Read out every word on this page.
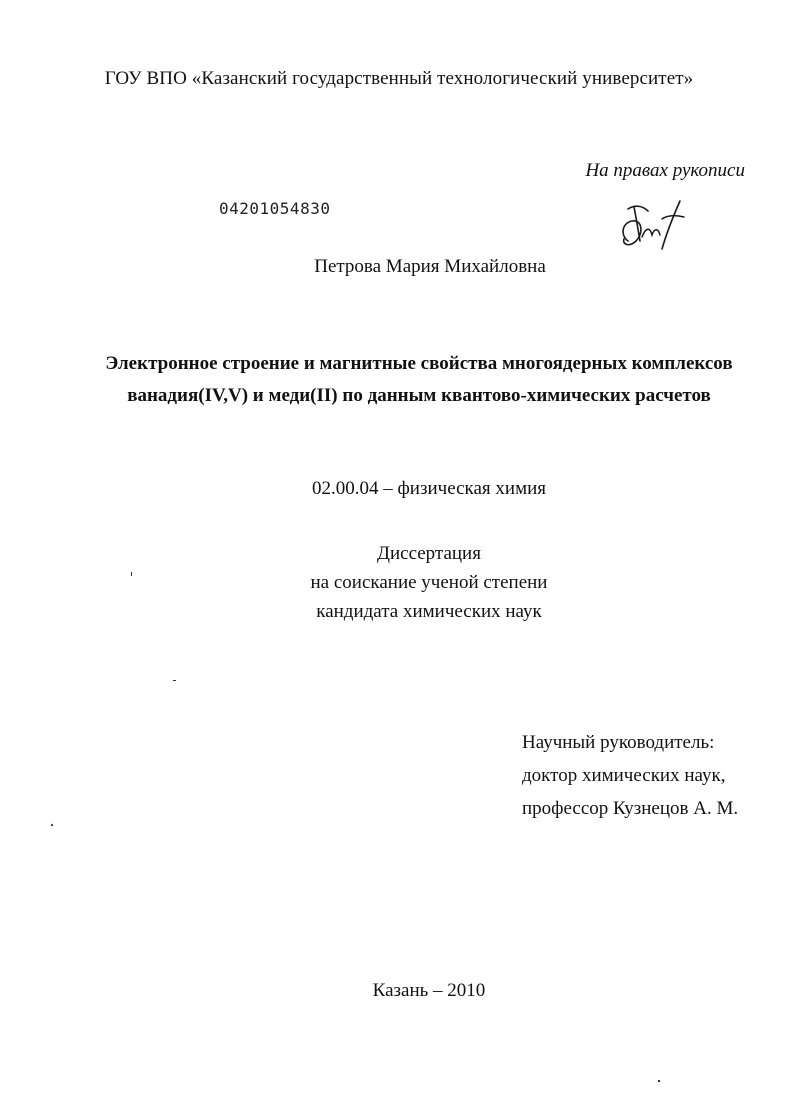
ГОУ ВПО «Казанский государственный технологический университет»
На правах рукописи
04201054830
Петрова Мария Михайловна
Электронное строение и магнитные свойства многоядерных комплексов
ванадия(IV,V) и меди(II) по данным квантово-химических расчетов
02.00.04 – физическая химия
Диссертация
на соискание ученой степени
кандидата химических наук
Научный руководитель:
доктор химических наук,
профессор Кузнецов А. М.
Казань – 2010
